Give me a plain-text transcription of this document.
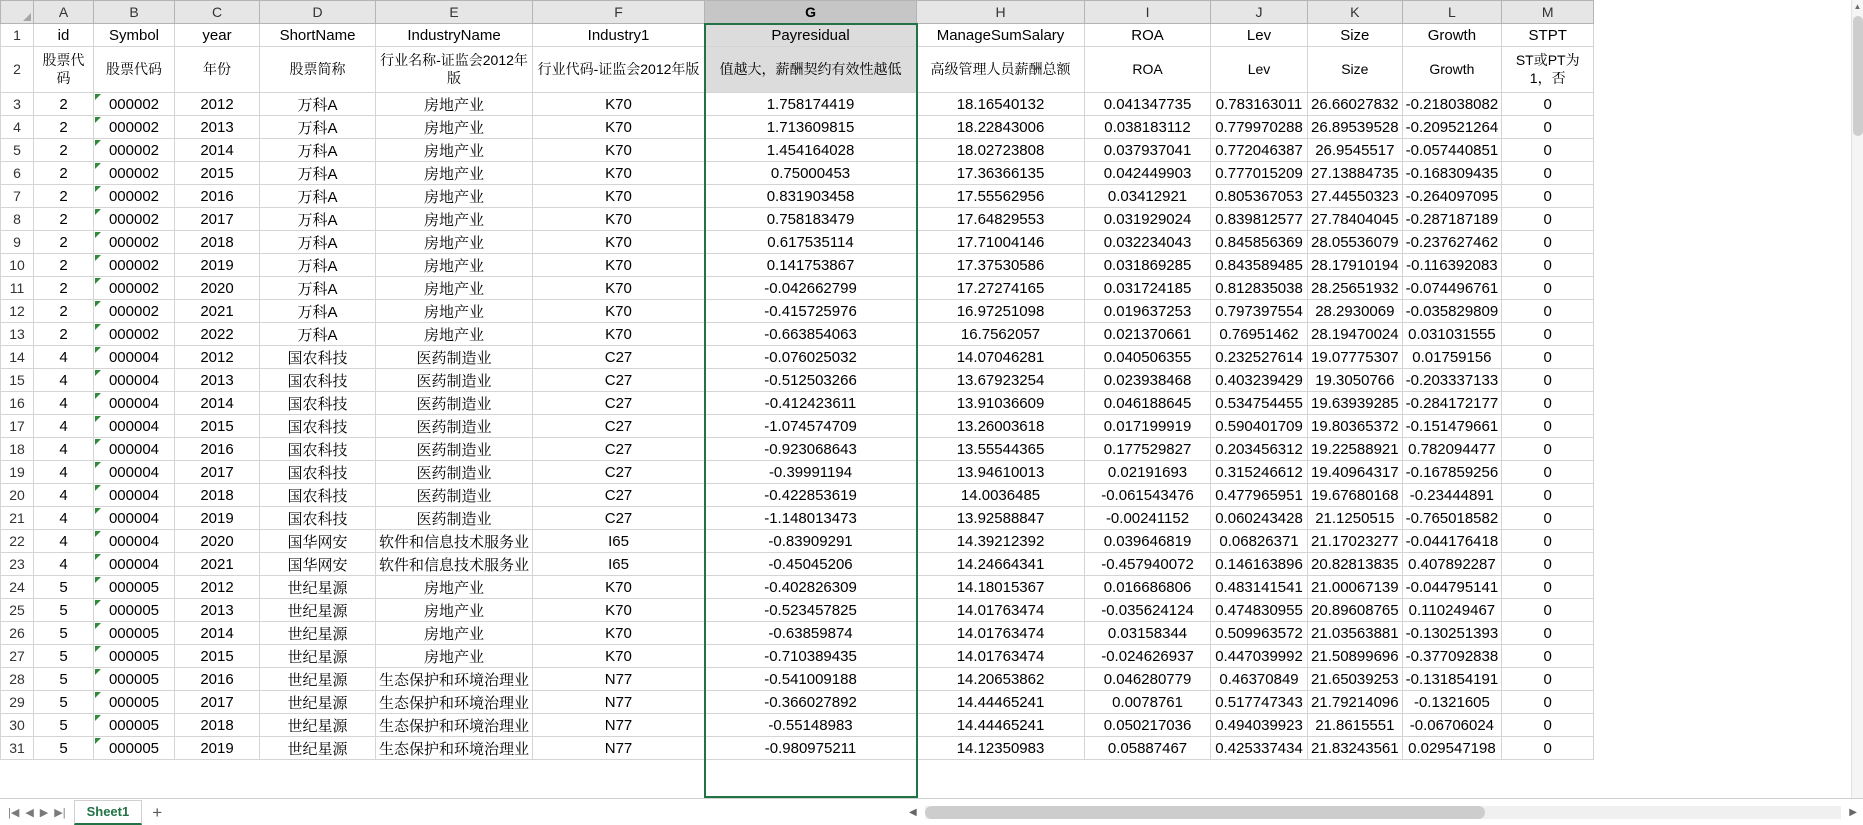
	A	B	C	D	E	F	G	H	I	J	K	L	M
1	id	Symbol	year	ShortName	IndustryName	Industry1	Payresidual	ManageSumSalary	ROA	Lev	Size	Growth	STPT
2	股票代码	股票代码	年份	股票简称	行业名称-证监会2012年版	行业代码-证监会2012年版	值越大，薪酬契约有效性越低	高级管理人员薪酬总额	ROA	Lev	Size	Growth	ST或PT为1，否
3	2	000002	2012	万科A	房地产业	K70	1.758174419	18.16540132	0.041347735	0.783163011	26.66027832	-0.218038082	0
4	2	000002	2013	万科A	房地产业	K70	1.713609815	18.22843006	0.038183112	0.779970288	26.89539528	-0.209521264	0
5	2	000002	2014	万科A	房地产业	K70	1.454164028	18.02723808	0.037937041	0.772046387	26.9545517	-0.057440851	0
6	2	000002	2015	万科A	房地产业	K70	0.75000453	17.36366135	0.042449903	0.777015209	27.13884735	-0.168309435	0
7	2	000002	2016	万科A	房地产业	K70	0.831903458	17.55562956	0.03412921	0.805367053	27.44550323	-0.264097095	0
8	2	000002	2017	万科A	房地产业	K70	0.758183479	17.64829553	0.031929024	0.839812577	27.78404045	-0.287187189	0
9	2	000002	2018	万科A	房地产业	K70	0.617535114	17.71004146	0.032234043	0.845856369	28.05536079	-0.237627462	0
10	2	000002	2019	万科A	房地产业	K70	0.141753867	17.37530586	0.031869285	0.843589485	28.17910194	-0.116392083	0
11	2	000002	2020	万科A	房地产业	K70	-0.042662799	17.27274165	0.031724185	0.812835038	28.25651932	-0.074496761	0
12	2	000002	2021	万科A	房地产业	K70	-0.415725976	16.97251098	0.019637253	0.797397554	28.2930069	-0.035829809	0
13	2	000002	2022	万科A	房地产业	K70	-0.663854063	16.7562057	0.021370661	0.76951462	28.19470024	0.031031555	0
14	4	000004	2012	国农科技	医药制造业	C27	-0.076025032	14.07046281	0.040506355	0.232527614	19.07775307	0.01759156	0
15	4	000004	2013	国农科技	医药制造业	C27	-0.512503266	13.67923254	0.023938468	0.403239429	19.3050766	-0.203337133	0
16	4	000004	2014	国农科技	医药制造业	C27	-0.412423611	13.91036609	0.046188645	0.534754455	19.63939285	-0.284172177	0
17	4	000004	2015	国农科技	医药制造业	C27	-1.074574709	13.26003618	0.017199919	0.590401709	19.80365372	-0.151479661	0
18	4	000004	2016	国农科技	医药制造业	C27	-0.923068643	13.55544365	0.177529827	0.203456312	19.22588921	0.782094477	0
19	4	000004	2017	国农科技	医药制造业	C27	-0.39991194	13.94610013	0.02191693	0.315246612	19.40964317	-0.167859256	0
20	4	000004	2018	国农科技	医药制造业	C27	-0.422853619	14.0036485	-0.061543476	0.477965951	19.67680168	-0.23444891	0
21	4	000004	2019	国农科技	医药制造业	C27	-1.148013473	13.92588847	-0.00241152	0.060243428	21.1250515	-0.765018582	0
22	4	000004	2020	国华网安	软件和信息技术服务业	I65	-0.83909291	14.39212392	0.039646819	0.06826371	21.17023277	-0.044176418	0
23	4	000004	2021	国华网安	软件和信息技术服务业	I65	-0.45045206	14.24664341	-0.457940072	0.146163896	20.82813835	0.407892287	0
24	5	000005	2012	世纪星源	房地产业	K70	-0.402826309	14.18015367	0.016686806	0.483141541	21.00067139	-0.044795141	0
25	5	000005	2013	世纪星源	房地产业	K70	-0.523457825	14.01763474	-0.035624124	0.474830955	20.89608765	0.110249467	0
26	5	000005	2014	世纪星源	房地产业	K70	-0.63859874	14.01763474	0.03158344	0.509963572	21.03563881	-0.130251393	0
27	5	000005	2015	世纪星源	房地产业	K70	-0.710389435	14.01763474	-0.024626937	0.447039992	21.50899696	-0.377092838	0
28	5	000005	2016	世纪星源	生态保护和环境治理业	N77	-0.541009188	14.20653862	0.046280779	0.46370849	21.65039253	-0.131854191	0
29	5	000005	2017	世纪星源	生态保护和环境治理业	N77	-0.366027892	14.44465241	0.0078761	0.517747343	21.79214096	-0.1321605	0
30	5	000005	2018	世纪星源	生态保护和环境治理业	N77	-0.55148983	14.44465241	0.050217036	0.494039923	21.8615551	-0.06706024	0
31	5	000005	2019	世纪星源	生态保护和环境治理业	N77	-0.980975211	14.12350983	0.05887467	0.425337434	21.83243561	0.029547198	0
▲
|◀ ◀ ▶ ▶|	Sheet1	+	◀	▶
